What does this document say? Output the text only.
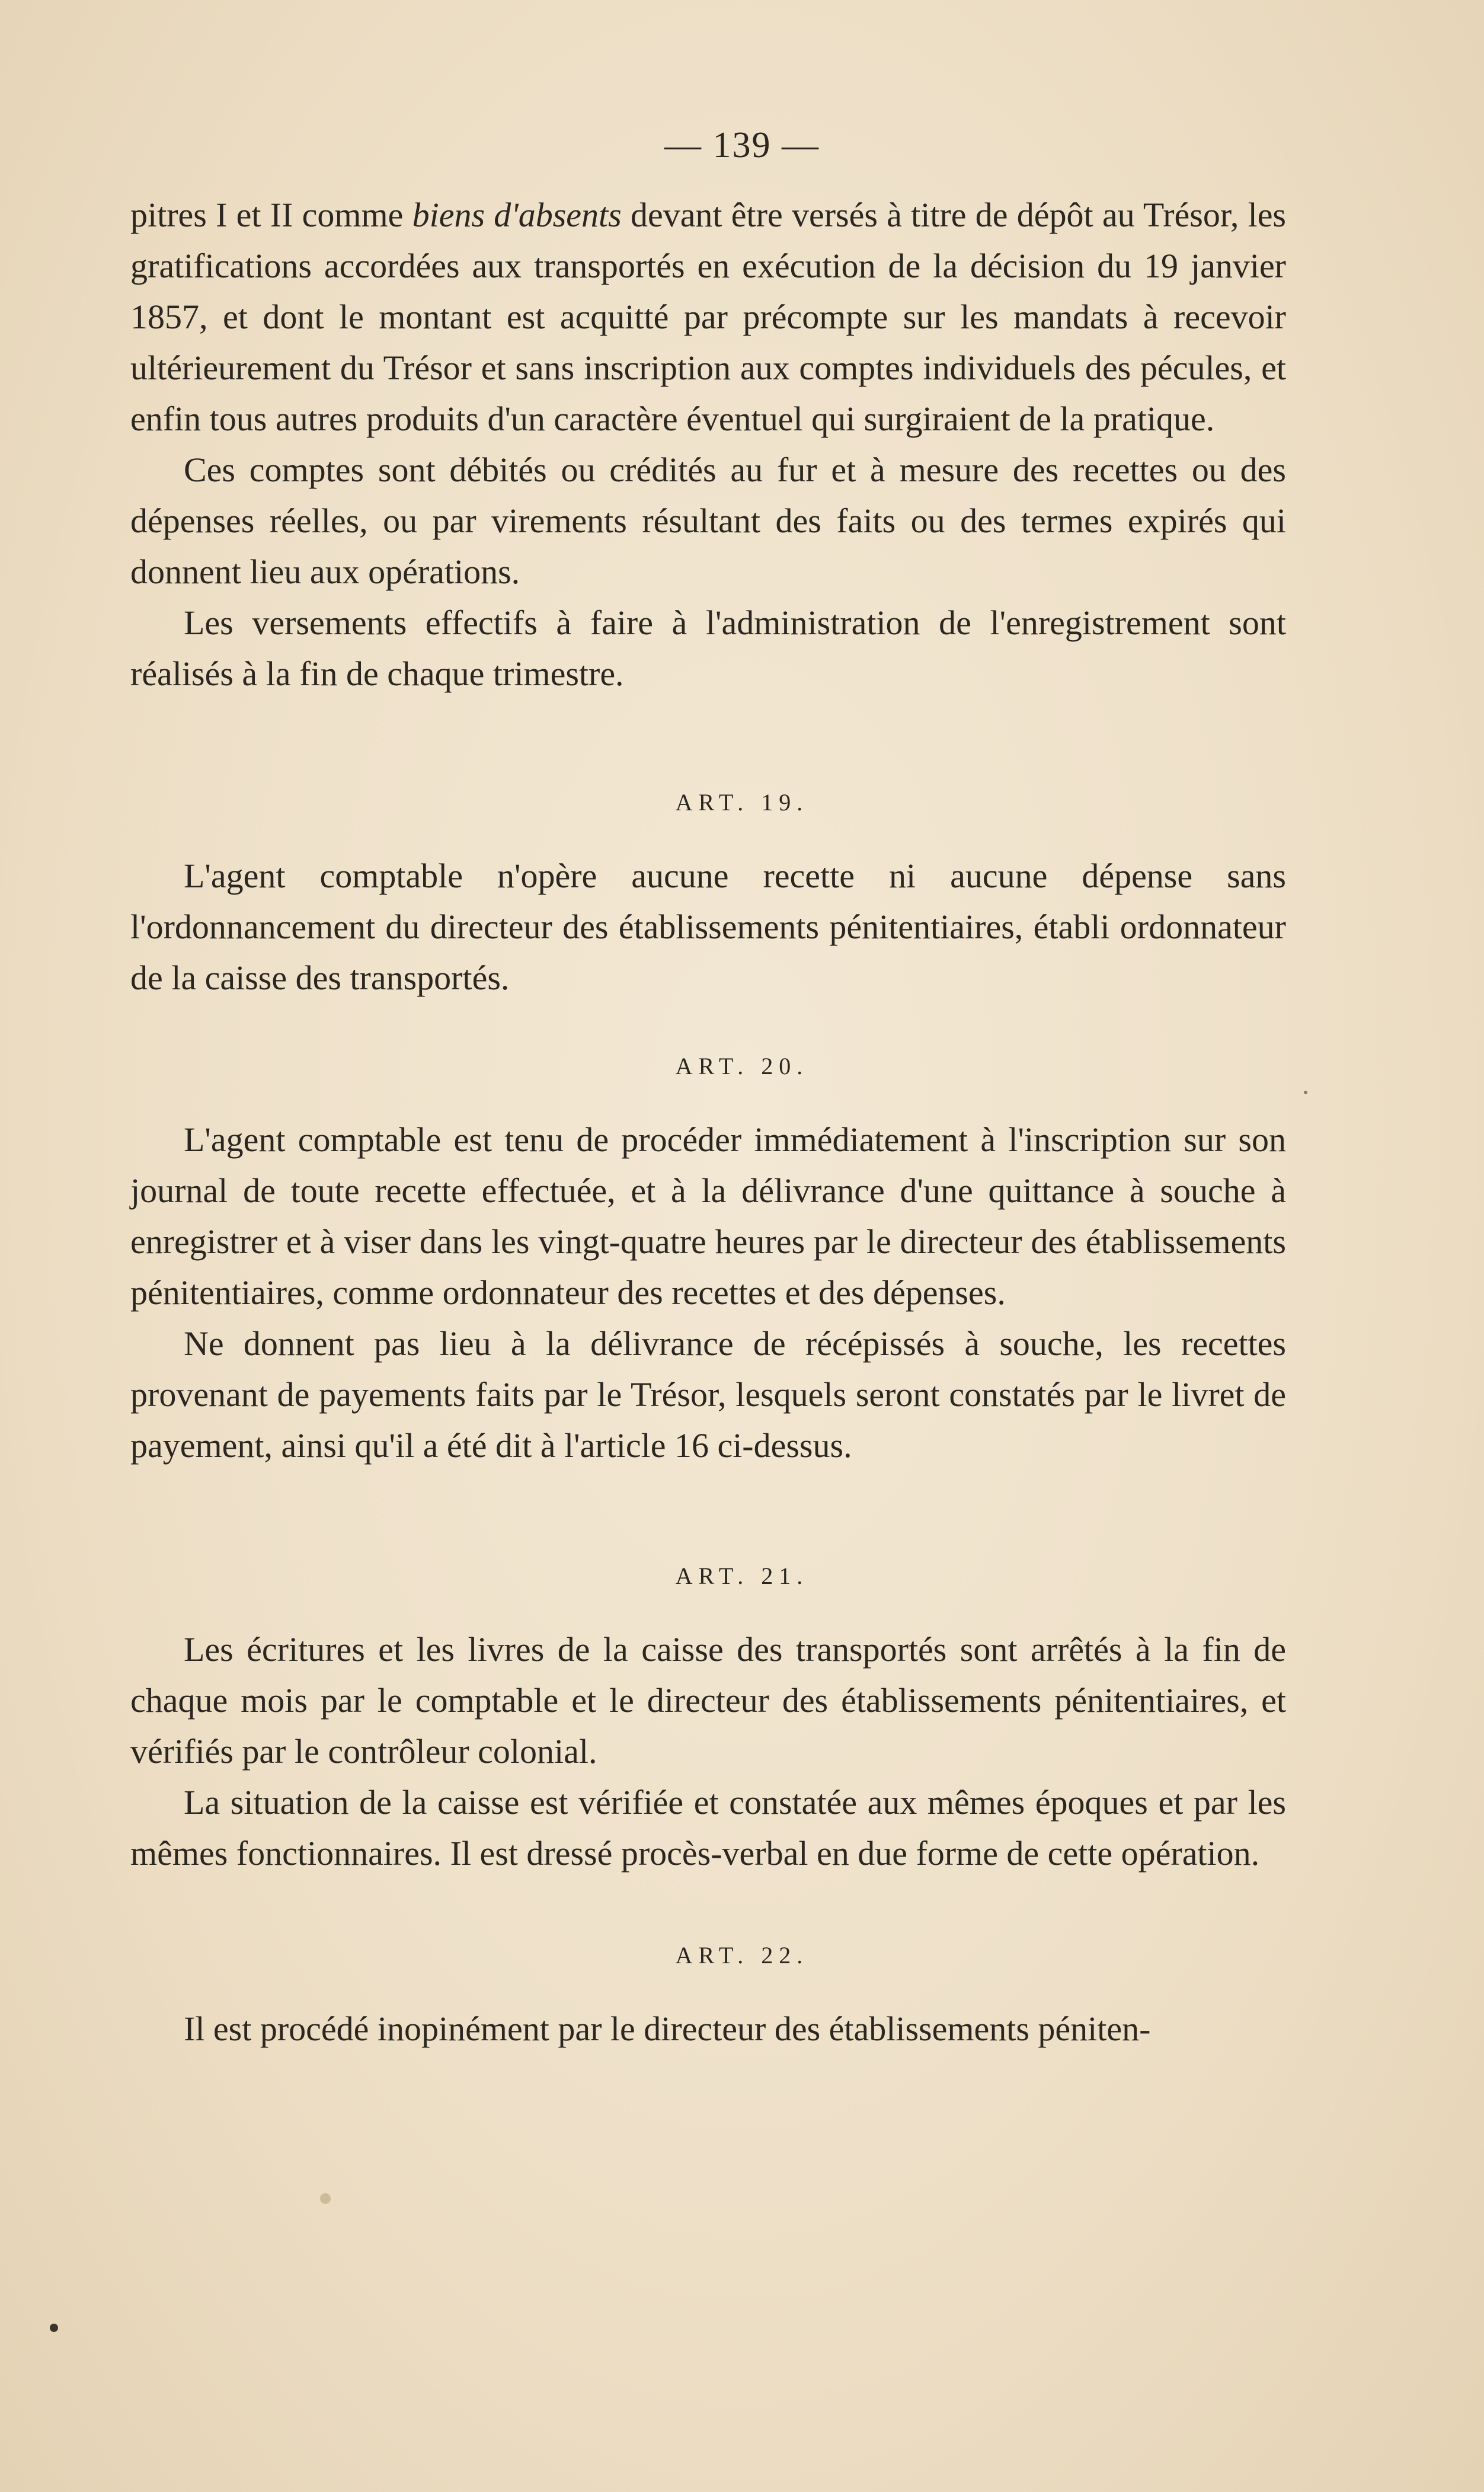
— 139 —

pitres I et II comme biens d'absents devant être versés à titre de dépôt au Trésor, les gratifications accordées aux transportés en exécution de la décision du 19 janvier 1857, et dont le montant est acquitté par précompte sur les mandats à recevoir ultérieurement du Trésor et sans inscription aux comptes individuels des pécules, et enfin tous autres produits d'un caractère éventuel qui surgiraient de la pratique.

Ces comptes sont débités ou crédités au fur et à mesure des recettes ou des dépenses réelles, ou par virements résultant des faits ou des termes expirés qui donnent lieu aux opérations.

Les versements effectifs à faire à l'administration de l'enregistrement sont réalisés à la fin de chaque trimestre.

ART. 19.

L'agent comptable n'opère aucune recette ni aucune dépense sans l'ordonnancement du directeur des établissements pénitentiaires, établi ordonnateur de la caisse des transportés.

ART. 20.

L'agent comptable est tenu de procéder immédiatement à l'inscription sur son journal de toute recette effectuée, et à la délivrance d'une quittance à souche à enregistrer et à viser dans les vingt-quatre heures par le directeur des établissements pénitentiaires, comme ordonnateur des recettes et des dépenses.

Ne donnent pas lieu à la délivrance de récépissés à souche, les recettes provenant de payements faits par le Trésor, lesquels seront constatés par le livret de payement, ainsi qu'il a été dit à l'article 16 ci-dessus.

ART. 21.

Les écritures et les livres de la caisse des transportés sont arrêtés à la fin de chaque mois par le comptable et le directeur des établissements pénitentiaires, et vérifiés par le contrôleur colonial.

La situation de la caisse est vérifiée et constatée aux mêmes époques et par les mêmes fonctionnaires. Il est dressé procès-verbal en due forme de cette opération.

ART. 22.

Il est procédé inopinément par le directeur des établissements péniten-
